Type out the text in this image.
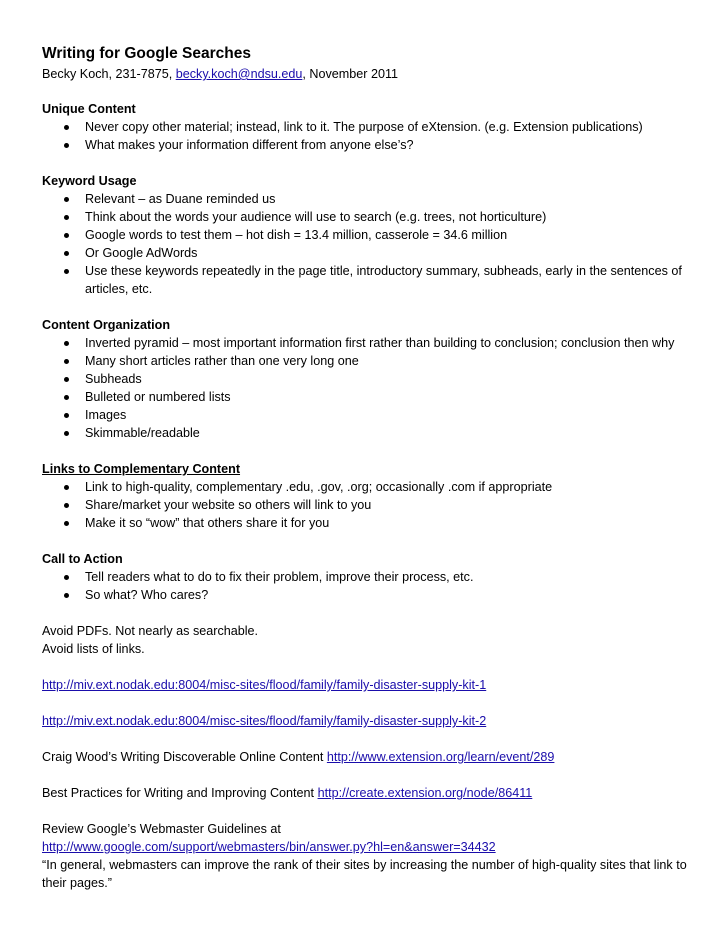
Writing for Google Searches
Becky Koch, 231-7875, becky.koch@ndsu.edu, November 2011
Unique Content
Never copy other material; instead, link to it. The purpose of eXtension. (e.g. Extension publications)
What makes your information different from anyone else’s?
Keyword Usage
Relevant – as Duane reminded us
Think about the words your audience will use to search (e.g. trees, not horticulture)
Google words to test them – hot dish = 13.4 million, casserole = 34.6 million
Or Google AdWords
Use these keywords repeatedly in the page title, introductory summary, subheads, early in the sentences of articles, etc.
Content Organization
Inverted pyramid – most important information first rather than building to conclusion; conclusion then why
Many short articles rather than one very long one
Subheads
Bulleted or numbered lists
Images
Skimmable/readable
Links to Complementary Content
Link to high-quality, complementary .edu, .gov, .org; occasionally .com if appropriate
Share/market your website so others will link to you
Make it so “wow” that others share it for you
Call to Action
Tell readers what to do to fix their problem, improve their process, etc.
So what? Who cares?

Avoid PDFs. Not nearly as searchable.

Avoid lists of links.

http://miv.ext.nodak.edu:8004/misc-sites/flood/family/family-disaster-supply-kit-1

http://miv.ext.nodak.edu:8004/misc-sites/flood/family/family-disaster-supply-kit-2

Craig Wood’s Writing Discoverable Online Content http://www.extension.org/learn/event/289

Best Practices for Writing and Improving Content http://create.extension.org/node/86411

Review Google’s Webmaster Guidelines at

http://www.google.com/support/webmasters/bin/answer.py?hl=en&answer=34432

“In general, webmasters can improve the rank of their sites by increasing the number of high-quality sites that link to their pages.”
